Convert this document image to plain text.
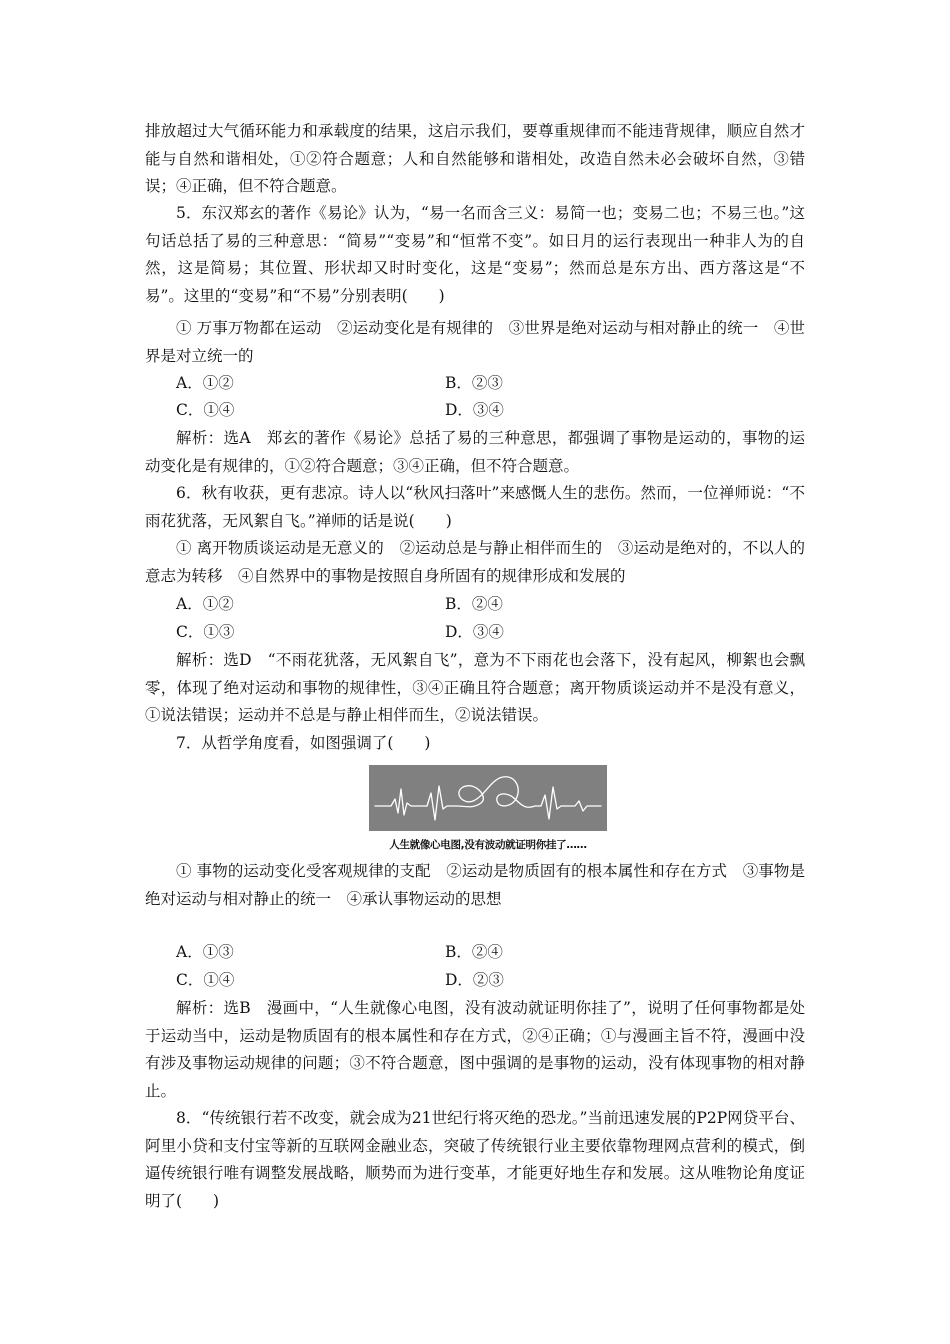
排放超过大气循环能力和承载度的结果，这启示我们，要尊重规律而不能违背规律，顺应自然才能与自然和谐相处，①②符合题意；人和自然能够和谐相处，改造自然未必会破坏自然，③错误；④正确，但不符合题意。
5．东汉郑玄的著作《易论》认为，“易一名而含三义：易简一也；变易二也；不易三也。”这句话总括了易的三种意思：“简易”“变易”和“恒常不变”。如日月的运行表现出一种非人为的自然，这是简易；其位置、形状却又时时变化，这是“变易”；然而总是东方出、西方落这是“不易”。这里的“变易”和“不易”分别表明(　　)
① 万事万物都在运动　②运动变化是有规律的　③世界是绝对运动与相对静止的统一　④世界是对立统一的
A．①②	B．②③
C．①④	D．③④
解析：选A　郑玄的著作《易论》总括了易的三种意思，都强调了事物是运动的，事物的运动变化是有规律的，①②符合题意；③④正确，但不符合题意。
6．秋有收获，更有悲凉。诗人以“秋风扫落叶”来感慨人生的悲伤。然而，一位禅师说：“不雨花犹落，无风絮自飞。”禅师的话是说(　　)
① 离开物质谈运动是无意义的　②运动总是与静止相伴而生的　③运动是绝对的，不以人的意志为转移　④自然界中的事物是按照自身所固有的规律形成和发展的
A．①②	B．②④
C．①③	D．③④
解析：选D　“不雨花犹落，无风絮自飞”，意为不下雨花也会落下，没有起风，柳絮也会飘零，体现了绝对运动和事物的规律性，③④正确且符合题意；离开物质谈运动并不是没有意义，①说法错误；运动并不总是与静止相伴而生，②说法错误。
7．从哲学角度看，如图强调了(　　)
人生就像心电图,没有波动就证明你挂了……
① 事物的运动变化受客观规律的支配　②运动是物质固有的根本属性和存在方式　③事物是绝对运动与相对静止的统一　④承认事物运动的思想
A．①③	B．②④
C．①④	D．②③
解析：选B　漫画中，“人生就像心电图，没有波动就证明你挂了”，说明了任何事物都是处于运动当中，运动是物质固有的根本属性和存在方式，②④正确；①与漫画主旨不符，漫画中没有涉及事物运动规律的问题；③不符合题意，图中强调的是事物的运动，没有体现事物的相对静止。
8．“传统银行若不改变，就会成为21世纪行将灭绝的恐龙。”当前迅速发展的P2P网贷平台、阿里小贷和支付宝等新的互联网金融业态，突破了传统银行业主要依靠物理网点营利的模式，倒逼传统银行唯有调整发展战略，顺势而为进行变革，才能更好地生存和发展。这从唯物论角度证明了(　　)
